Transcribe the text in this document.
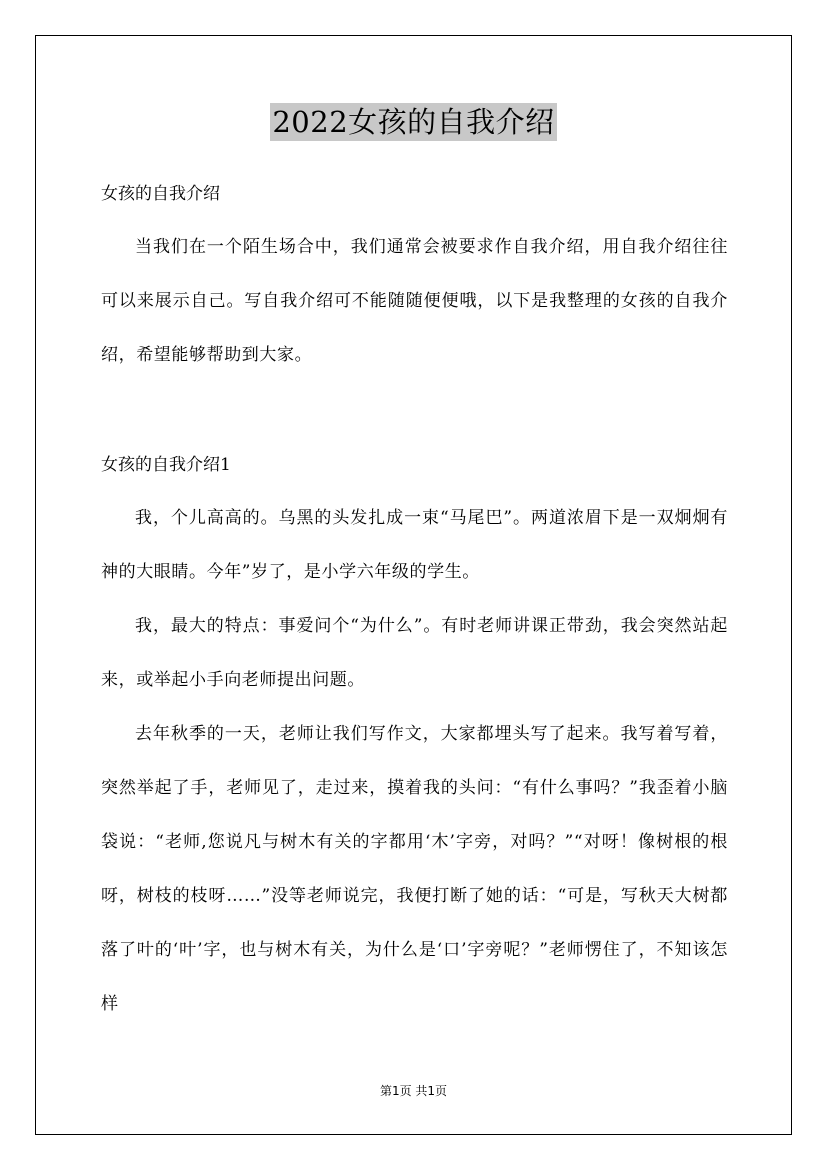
2022女孩的自我介绍
女孩的自我介绍

当我们在一个陌生场合中，我们通常会被要求作自我介绍，用自我介绍往往可以来展示自己。写自我介绍可不能随随便便哦，以下是我整理的女孩的自我介绍，希望能够帮助到大家。

女孩的自我介绍1

我，个儿高高的。乌黑的头发扎成一束“马尾巴”。两道浓眉下是一双炯炯有神的大眼睛。今年”岁了，是小学六年级的学生。

我，最大的特点：事爱问个“为什么”。有时老师讲课正带劲，我会突然站起来，或举起小手向老师提出问题。

去年秋季的一天，老师让我们写作文，大家都埋头写了起来。我写着写着，突然举起了手，老师见了，走过来，摸着我的头问：“有什么事吗？”我歪着小脑袋说：“老师,您说凡与树木有关的字都用‘木’字旁，对吗？”“对呀！像树根的根呀，树枝的枝呀……”没等老师说完，我便打断了她的话：“可是，写秋天大树都落了叶的‘叶’字，也与树木有关，为什么是‘口’字旁呢？”老师愣住了，不知该怎样

第1页 共1页
